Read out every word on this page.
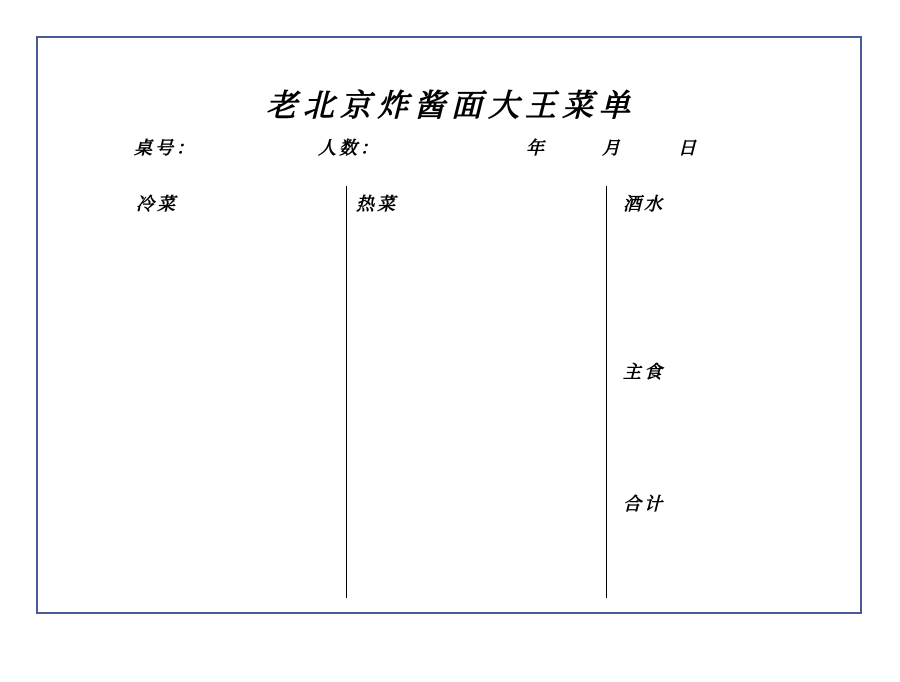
老北京炸酱面大王菜单
桌号：	人数：	年　月　日
冷菜	热菜	酒水
主食
合计
